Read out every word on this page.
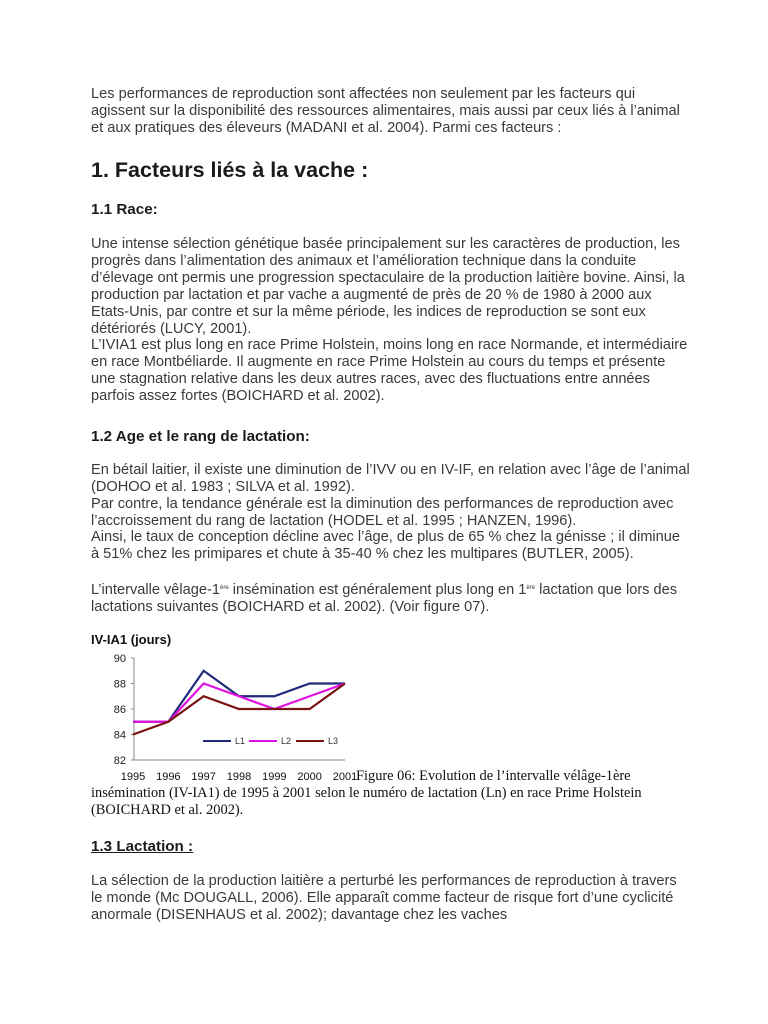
Les performances de reproduction sont affectées non seulement par les facteurs qui agissent sur la disponibilité des ressources alimentaires, mais aussi par ceux liés à l’animal et aux pratiques des éleveurs (MADANI et al. 2004). Parmi ces facteurs :

1. Facteurs liés à la vache :
1.1 Race:

Une intense sélection génétique basée principalement sur les caractères de production, les progrès dans l’alimentation des animaux et l’amélioration technique dans la conduite d’élevage ont permis une progression spectaculaire de la production laitière bovine. Ainsi, la production par lactation et par vache a augmenté de près de 20 % de 1980 à 2000 aux Etats-Unis, par contre et sur la même période, les indices de reproduction se sont eux détériorés (LUCY, 2001).

L’IVIA1 est plus long en race Prime Holstein, moins long en race Normande, et intermédiaire en race Montbéliarde. Il augmente en race Prime Holstein au cours du temps et présente une stagnation relative dans les deux autres races, avec des fluctuations entre années parfois assez fortes (BOICHARD et al. 2002).

1.2 Age et le rang de lactation:

En bétail laitier, il existe une diminution de l’IVV ou en IV-IF, en relation avec l’âge de l’animal (DOHOO et al. 1983 ; SILVA et al. 1992).

Par contre, la tendance générale est la diminution des performances de reproduction avec l’accroissement du rang de lactation (HODEL et al. 1995 ; HANZEN, 1996).

Ainsi, le taux de conception décline avec l’âge, de plus de 65 % chez la génisse ; il diminue à 51% chez les primipares et chute à 35-40 % chez les multipares (BUTLER, 2005).

L’intervalle vêlage-1ère insémination est généralement plus long en 1ère lactation que lors des lactations suivantes (BOICHARD et al. 2002). (Voir figure 07).

IV-IA1 (jours)
82
84
86
88
90
1995 1996 1997 1998 1999 2000 2001
L1	L2	L3

Figure 06: Evolution de l’intervalle vélâge-1ère insémination (IV-IA1) de 1995 à 2001 selon le numéro de lactation (Ln) en race Prime Holstein (BOICHARD et al. 2002).

1.3 Lactation :

La sélection de la production laitière a perturbé les performances de reproduction à travers le monde (Mc DOUGALL, 2006). Elle apparaît comme facteur de risque fort d’une cyclicité anormale (DISENHAUS et al. 2002); davantage chez les vaches
